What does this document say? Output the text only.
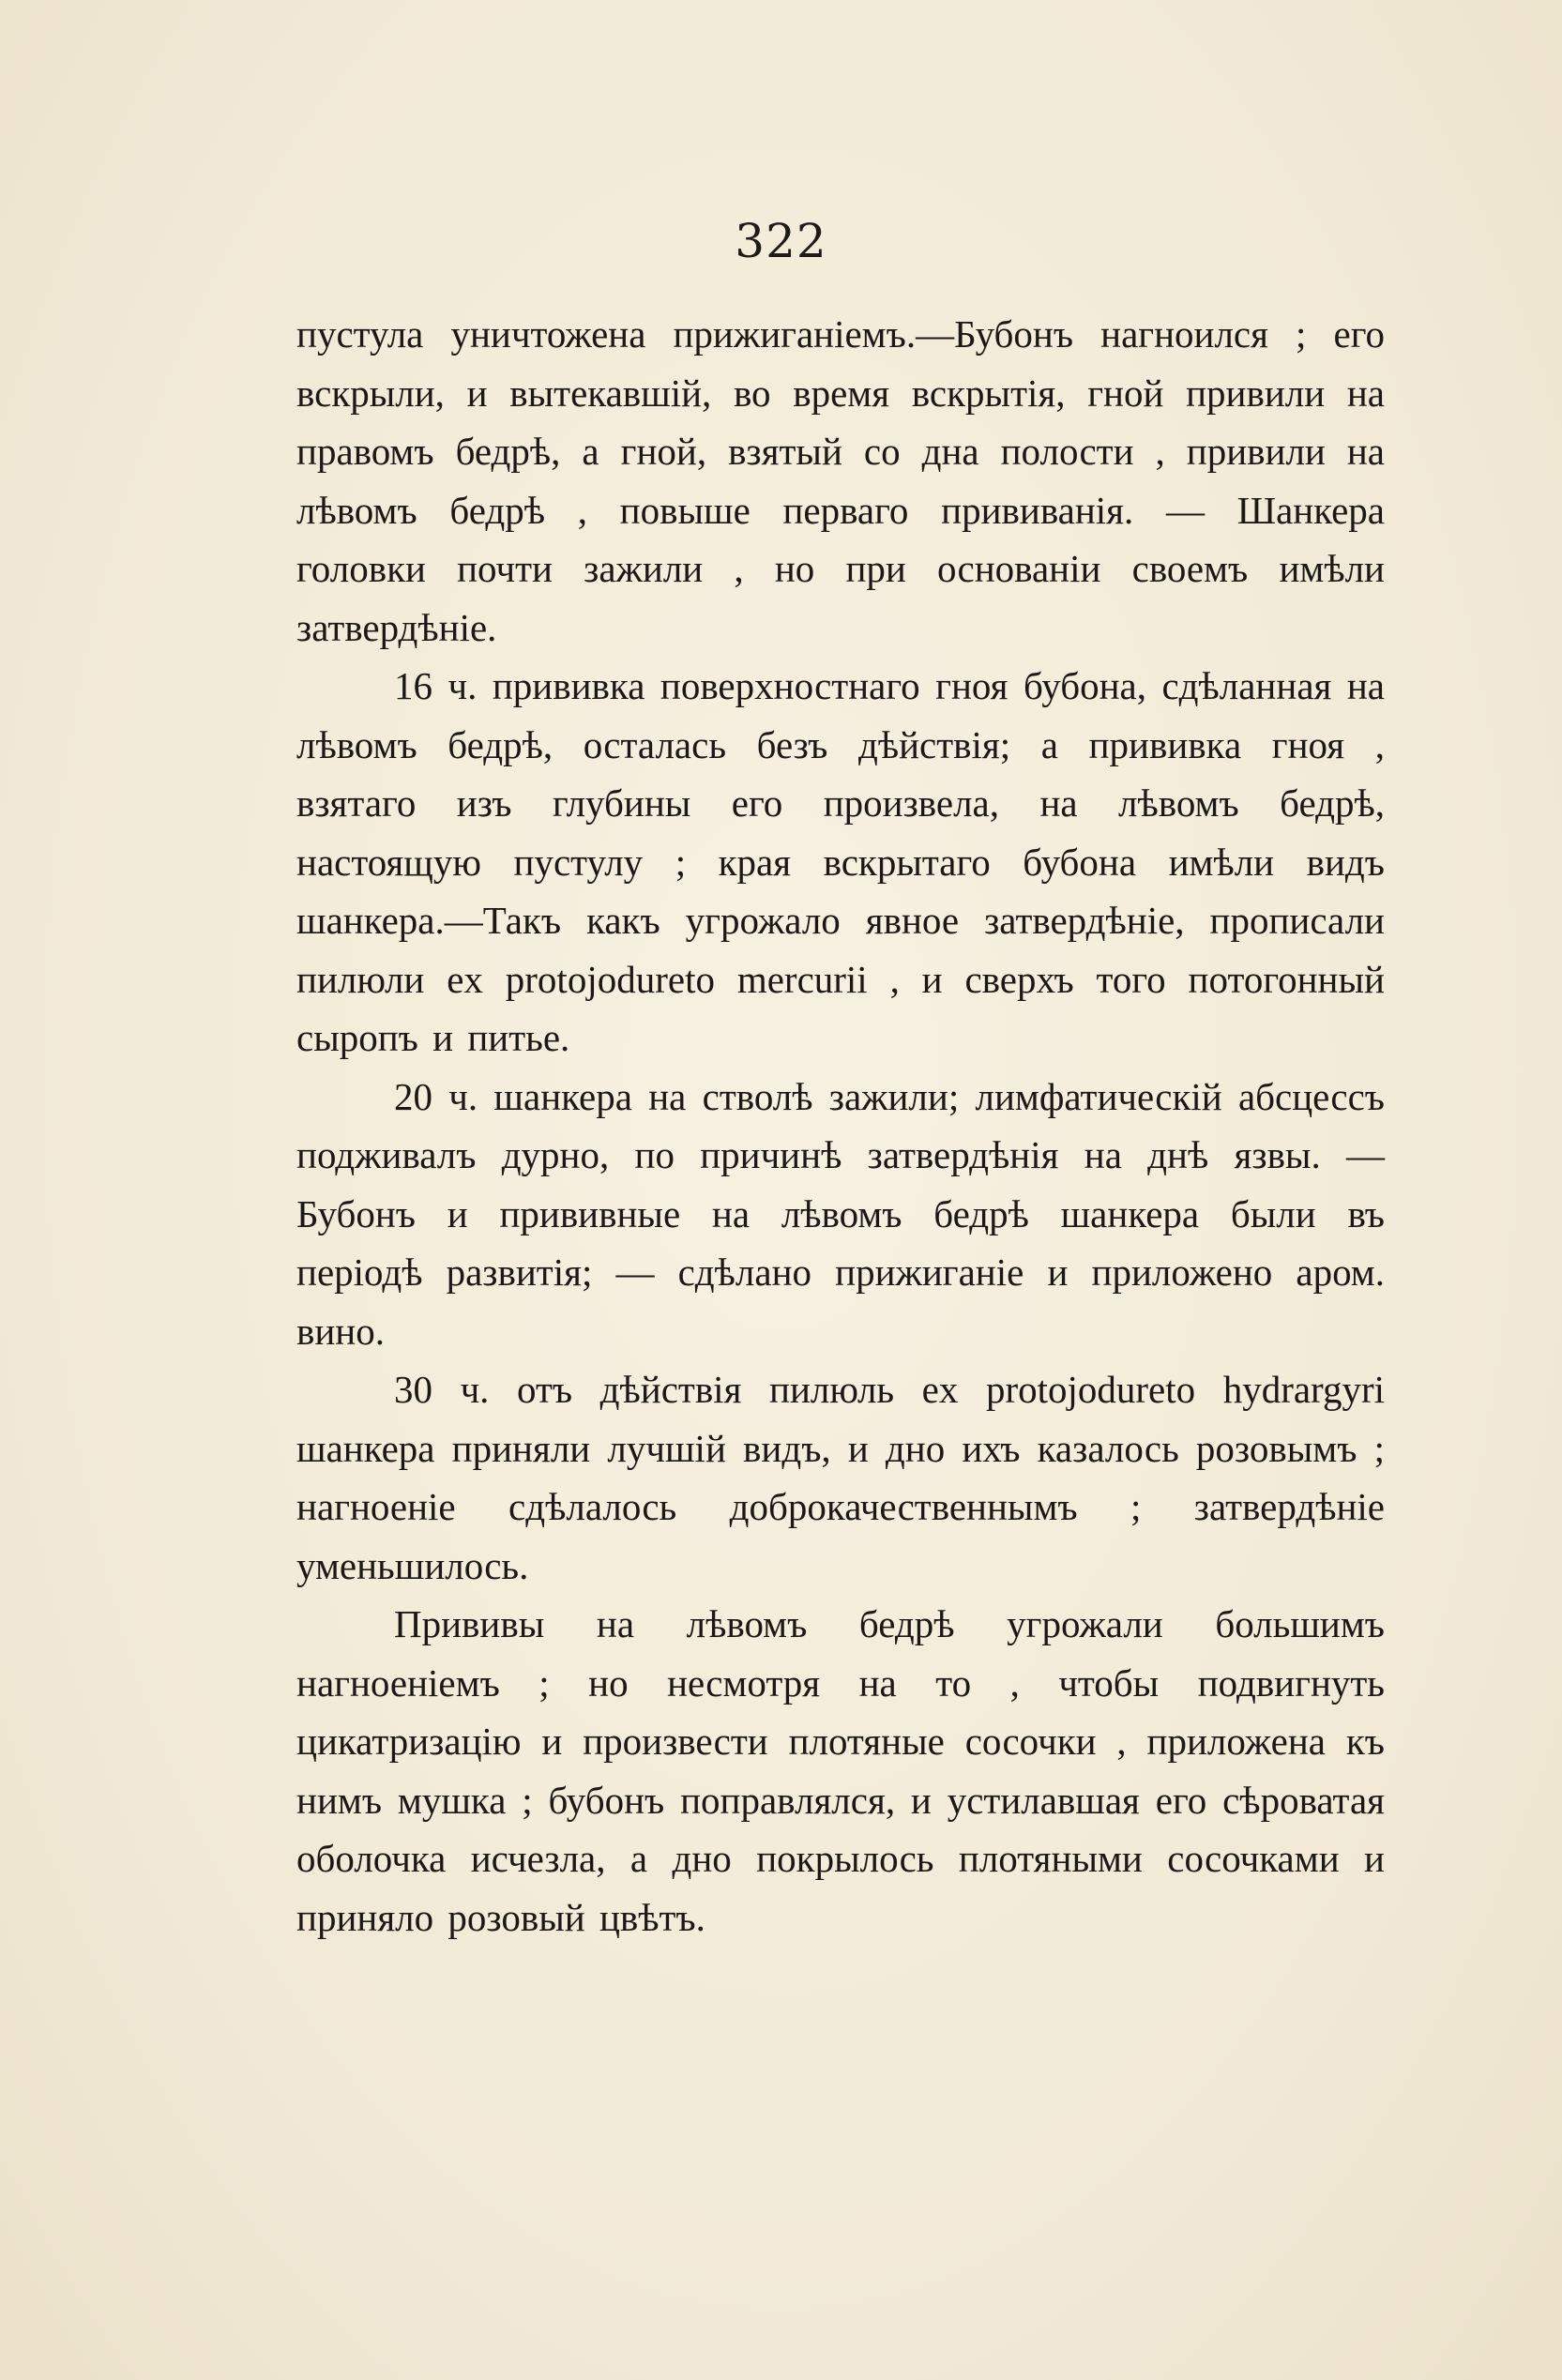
322

пустула уничтожена прижиганіемъ.—Бубонъ нагноился ; его вскрыли, и вытекавшій, во время вскрытія, гной привили на правомъ бедрѣ, а гной, взятый со дна полости , привили на лѣвомъ бедрѣ , повыше перваго прививанія. — Шанкера головки почти зажили , но при основаніи своемъ имѣли затвердѣніе.

16 ч. прививка поверхностнаго гноя бубона, сдѣланная на лѣвомъ бедрѣ, осталась безъ дѣйствія; а прививка гноя , взятаго изъ глубины его произвела, на лѣвомъ бедрѣ, настоящую пустулу ; края вскрытаго бубона имѣли видъ шанкера.—Такъ какъ угрожало явное затвердѣніе, прописали пилюли ex protojodureto mercurii , и сверхъ того потогонный сыропъ и питье.

20 ч. шанкера на стволѣ зажили; лимфатическій абсцессъ подживалъ дурно, по причинѣ затвердѣнія на днѣ язвы. — Бубонъ и прививные на лѣвомъ бедрѣ шанкера были въ періодѣ развитія; — сдѣлано прижиганіе и приложено аром. вино.

30 ч. отъ дѣйствія пилюль ex protojodureto hydrargyri шанкера приняли лучшій видъ, и дно ихъ казалось розовымъ ; нагноеніе сдѣлалось доброкачественнымъ ; затвердѣніе уменьшилось.

Прививы на лѣвомъ бедрѣ угрожали большимъ нагноеніемъ ; но несмотря на то , чтобы подвигнуть цикатризацію и произвести плотяные сосочки , приложена къ нимъ мушка ; бубонъ поправлялся, и устилавшая его сѣроватая оболочка исчезла, а дно покрылось плотяными сосочками и приняло розовый цвѣтъ.
